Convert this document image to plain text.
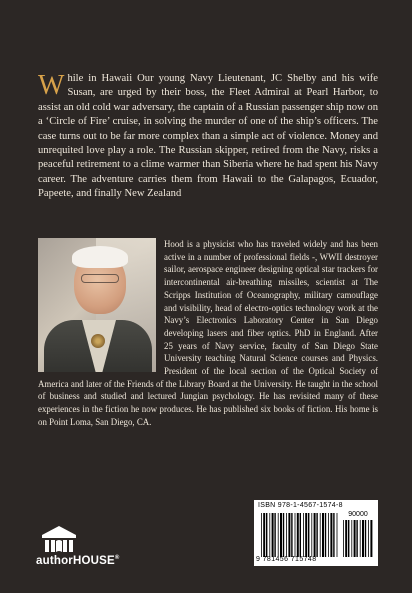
While in Hawaii Our young Navy Lieutenant, JC Shelby and his wife Susan, are urged by their boss, the Fleet Admiral at Pearl Harbor, to assist an old cold war adversary, the captain of a Russian passenger ship now on a ‘Circle of Fire’ cruise, in solving the murder of one of the ship’s officers. The case turns out to be far more complex than a simple act of violence. Money and unrequited love play a role. The Russian skipper, retired from the Navy, risks a peaceful retirement to a clime warmer than Siberia where he had spent his Navy career. The adventure carries them from Hawaii to the Galapagos, Ecuador, Papeete, and finally New Zealand

Hood is a physicist who has traveled widely and has been active in a number of professional fields -, WWII destroyer sailor, aerospace engineer designing optical star trackers for intercontinental air-breathing missiles, scientist at The Scripps Institution of Oceanography, military camouflage and visibility, head of electro-optics technology work at the Navy’s Electronics Laboratory Center in San Diego developing lasers and fiber optics. PhD in England. After 25 years of Navy service, faculty of San Diego State University teaching Natural Science courses and Physics. President of the local section of the Optical Society of America and later of the Friends of the Library Board at the University. He taught in the school of business and studied and lectured Jungian psychology. He has revisited many of these experiences in the fiction he now produces. He has published six books of fiction. His home is on Point Loma, San Diego, CA.

authorHOUSE®
ISBN 978-1-4567-1574-8
90000
9 781456 715748
